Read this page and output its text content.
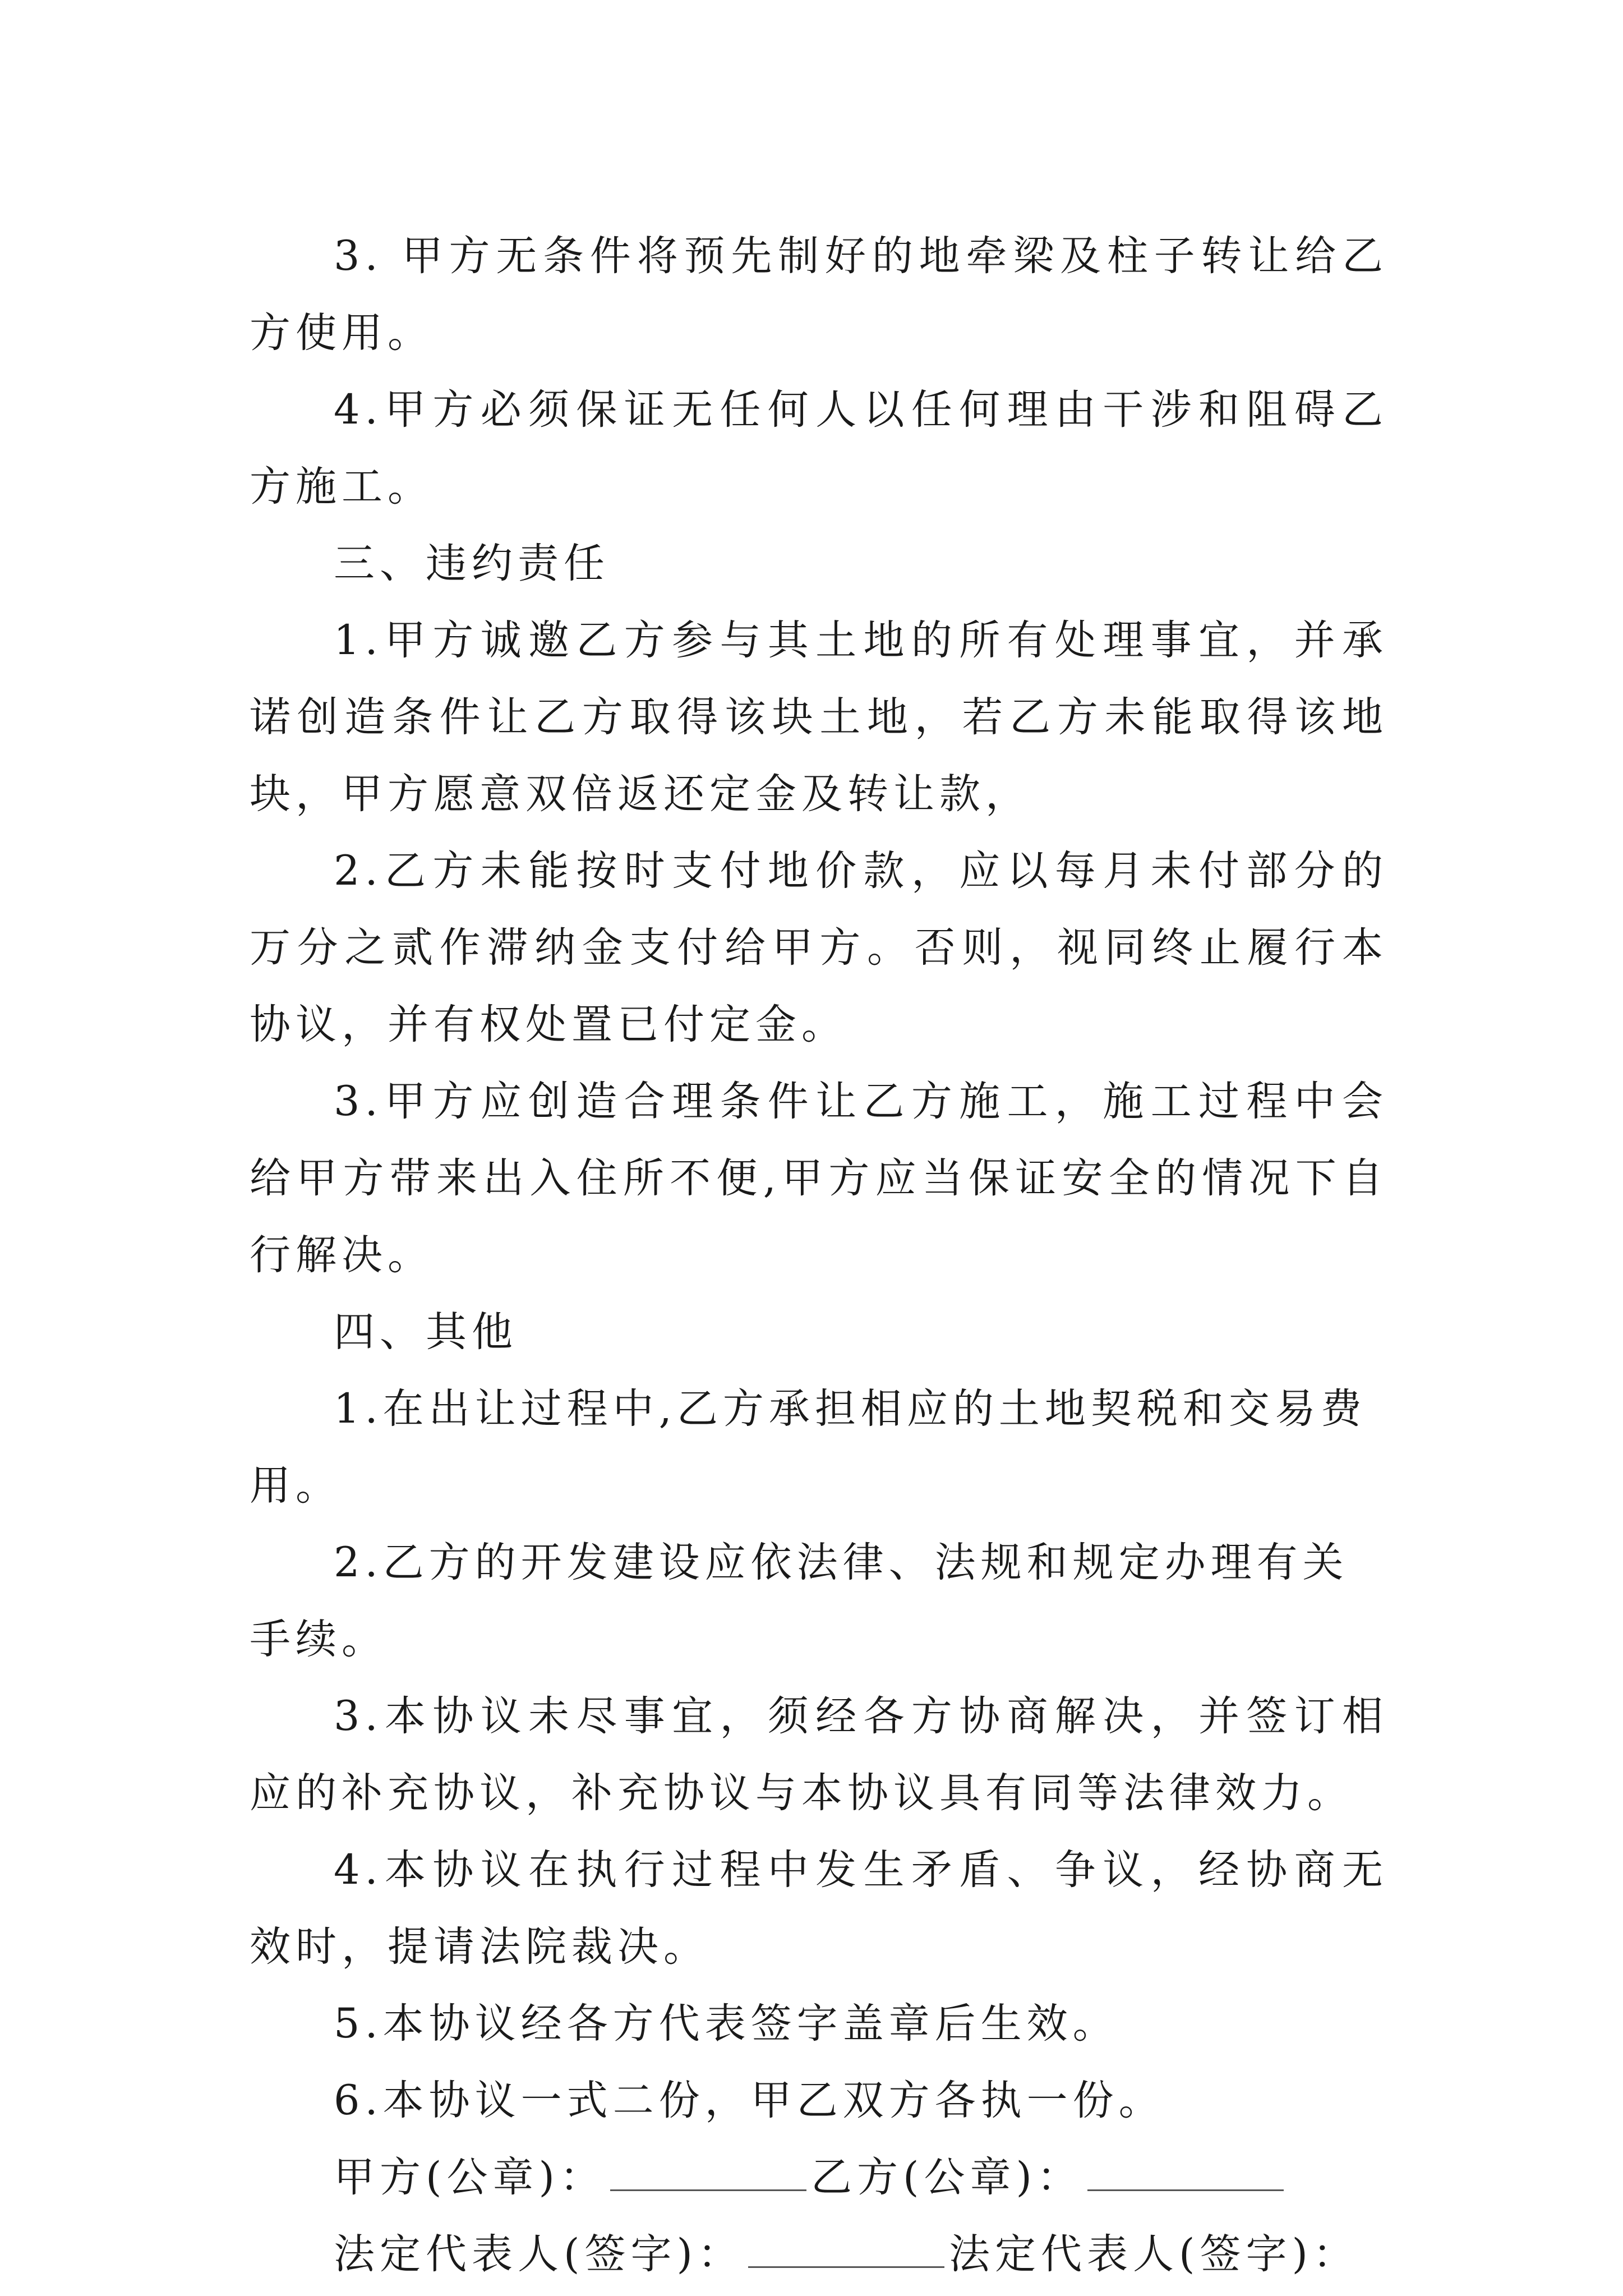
3. 甲方无条件将预先制好的地牵梁及柱子转让给乙方使用。

4.甲方必须保证无任何人以任何理由干涉和阻碍乙方施工。

三、违约责任

1.甲方诚邀乙方参与其土地的所有处理事宜，并承诺创造条件让乙方取得该块土地，若乙方未能取得该地块，甲方愿意双倍返还定金及转让款，

2.乙方未能按时支付地价款，应以每月未付部分的万分之贰作滞纳金支付给甲方。否则，视同终止履行本协议，并有权处置已付定金。

3.甲方应创造合理条件让乙方施工，施工过程中会给甲方带来出入住所不便,甲方应当保证安全的情况下自行解决。

四、其他

1.在出让过程中,乙方承担相应的土地契税和交易费用。

2.乙方的开发建设应依法律、法规和规定办理有关手续。

3.本协议未尽事宜，须经各方协商解决，并签订相应的补充协议，补充协议与本协议具有同等法律效力。

4.本协议在执行过程中发生矛盾、争议，经协商无效时，提请法院裁决。

5.本协议经各方代表签字盖章后生效。

6.本协议一式二份，甲乙双方各执一份。

甲方(公章)：	乙方(公章)：

法定代表人(签字)：	法定代表人(签字)：
